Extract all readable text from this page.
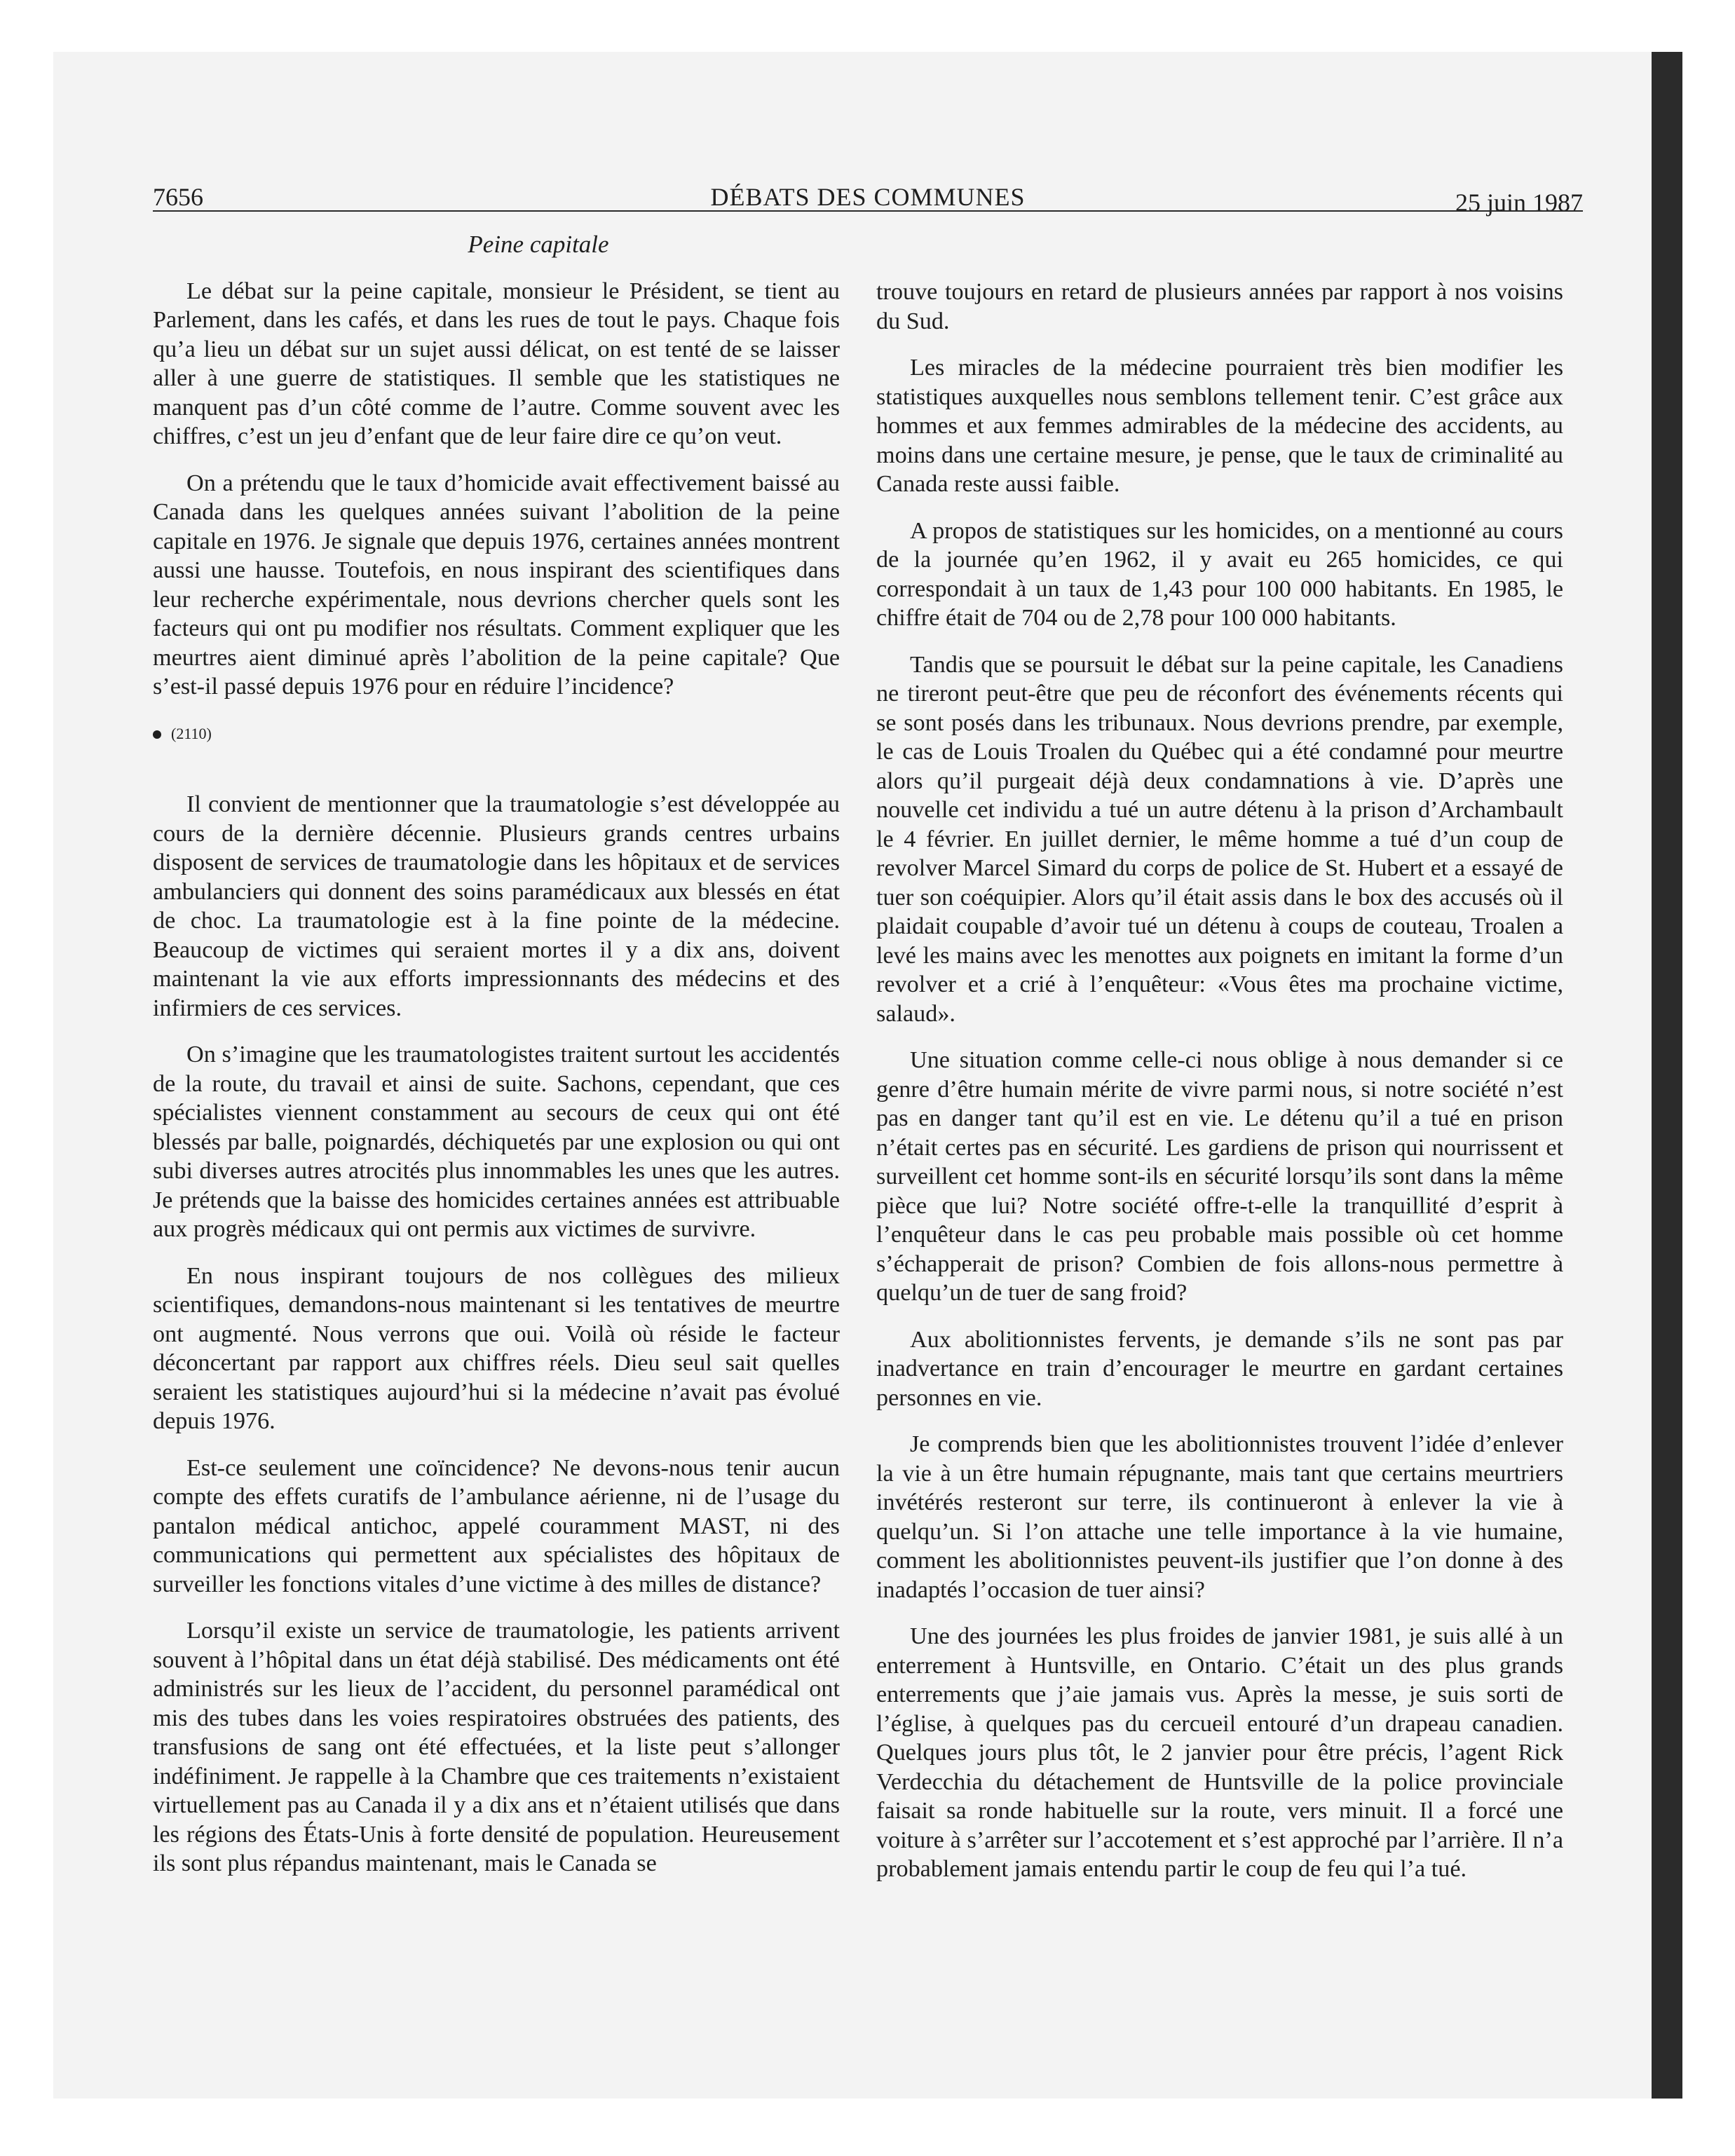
7656	DÉBATS DES COMMUNES	25 juin 1987
Peine capitale

Le débat sur la peine capitale, monsieur le Président, se tient au Parlement, dans les cafés, et dans les rues de tout le pays. Chaque fois qu’a lieu un débat sur un sujet aussi délicat, on est tenté de se laisser aller à une guerre de statistiques. Il semble que les statistiques ne manquent pas d’un côté comme de l’autre. Comme souvent avec les chiffres, c’est un jeu d’enfant que de leur faire dire ce qu’on veut.

On a prétendu que le taux d’homicide avait effectivement baissé au Canada dans les quelques années suivant l’abolition de la peine capitale en 1976. Je signale que depuis 1976, certaines années montrent aussi une hausse. Toutefois, en nous inspirant des scientifiques dans leur recherche expérimentale, nous devrions chercher quels sont les facteurs qui ont pu modifier nos résultats. Comment expliquer que les meurtres aient diminué après l’abolition de la peine capitale? Que s’est-il passé depuis 1976 pour en réduire l’incidence?

(2110)

Il convient de mentionner que la traumatologie s’est développée au cours de la dernière décennie. Plusieurs grands centres urbains disposent de services de traumatologie dans les hôpitaux et de services ambulanciers qui donnent des soins paramédicaux aux blessés en état de choc. La traumatologie est à la fine pointe de la médecine. Beaucoup de victimes qui seraient mortes il y a dix ans, doivent maintenant la vie aux efforts impressionnants des médecins et des infirmiers de ces services.

On s’imagine que les traumatologistes traitent surtout les accidentés de la route, du travail et ainsi de suite. Sachons, cependant, que ces spécialistes viennent constamment au secours de ceux qui ont été blessés par balle, poignardés, déchiquetés par une explosion ou qui ont subi diverses autres atrocités plus innommables les unes que les autres. Je prétends que la baisse des homicides certaines années est attribuable aux progrès médicaux qui ont permis aux victimes de survivre.

En nous inspirant toujours de nos collègues des milieux scientifiques, demandons-nous maintenant si les tentatives de meurtre ont augmenté. Nous verrons que oui. Voilà où réside le facteur déconcertant par rapport aux chiffres réels. Dieu seul sait quelles seraient les statistiques aujourd’hui si la médecine n’avait pas évolué depuis 1976.

Est-ce seulement une coïncidence? Ne devons-nous tenir aucun compte des effets curatifs de l’ambulance aérienne, ni de l’usage du pantalon médical antichoc, appelé couramment MAST, ni des communications qui permettent aux spécialistes des hôpitaux de surveiller les fonctions vitales d’une victime à des milles de distance?

Lorsqu’il existe un service de traumatologie, les patients arrivent souvent à l’hôpital dans un état déjà stabilisé. Des médicaments ont été administrés sur les lieux de l’accident, du personnel paramédical ont mis des tubes dans les voies respiratoires obstruées des patients, des transfusions de sang ont été effectuées, et la liste peut s’allonger indéfiniment. Je rappelle à la Chambre que ces traitements n’existaient virtuellement pas au Canada il y a dix ans et n’étaient utilisés que dans les régions des États-Unis à forte densité de population. Heureusement ils sont plus répandus maintenant, mais le Canada se

trouve toujours en retard de plusieurs années par rapport à nos voisins du Sud.

Les miracles de la médecine pourraient très bien modifier les statistiques auxquelles nous semblons tellement tenir. C’est grâce aux hommes et aux femmes admirables de la médecine des accidents, au moins dans une certaine mesure, je pense, que le taux de criminalité au Canada reste aussi faible.

A propos de statistiques sur les homicides, on a mentionné au cours de la journée qu’en 1962, il y avait eu 265 homicides, ce qui correspondait à un taux de 1,43 pour 100 000 habitants. En 1985, le chiffre était de 704 ou de 2,78 pour 100 000 habitants.

Tandis que se poursuit le débat sur la peine capitale, les Canadiens ne tireront peut-être que peu de réconfort des événements récents qui se sont posés dans les tribunaux. Nous devrions prendre, par exemple, le cas de Louis Troalen du Québec qui a été condamné pour meurtre alors qu’il purgeait déjà deux condamnations à vie. D’après une nouvelle cet individu a tué un autre détenu à la prison d’Archambault le 4 février. En juillet dernier, le même homme a tué d’un coup de revolver Marcel Simard du corps de police de St. Hubert et a essayé de tuer son coéquipier. Alors qu’il était assis dans le box des accusés où il plaidait coupable d’avoir tué un détenu à coups de couteau, Troalen a levé les mains avec les menottes aux poignets en imitant la forme d’un revolver et a crié à l’enquêteur: «Vous êtes ma prochaine victime, salaud».

Une situation comme celle-ci nous oblige à nous demander si ce genre d’être humain mérite de vivre parmi nous, si notre société n’est pas en danger tant qu’il est en vie. Le détenu qu’il a tué en prison n’était certes pas en sécurité. Les gardiens de prison qui nourrissent et surveillent cet homme sont-ils en sécurité lorsqu’ils sont dans la même pièce que lui? Notre société offre-t-elle la tranquillité d’esprit à l’enquêteur dans le cas peu probable mais possible où cet homme s’échapperait de prison? Combien de fois allons-nous permettre à quelqu’un de tuer de sang froid?

Aux abolitionnistes fervents, je demande s’ils ne sont pas par inadvertance en train d’encourager le meurtre en gardant certaines personnes en vie.

Je comprends bien que les abolitionnistes trouvent l’idée d’enlever la vie à un être humain répugnante, mais tant que certains meurtriers invétérés resteront sur terre, ils continueront à enlever la vie à quelqu’un. Si l’on attache une telle importance à la vie humaine, comment les abolitionnistes peuvent-ils justifier que l’on donne à des inadaptés l’occasion de tuer ainsi?

Une des journées les plus froides de janvier 1981, je suis allé à un enterrement à Huntsville, en Ontario. C’était un des plus grands enterrements que j’aie jamais vus. Après la messe, je suis sorti de l’église, à quelques pas du cercueil entouré d’un drapeau canadien. Quelques jours plus tôt, le 2 janvier pour être précis, l’agent Rick Verdecchia du détachement de Huntsville de la police provinciale faisait sa ronde habituelle sur la route, vers minuit. Il a forcé une voiture à s’arrêter sur l’accotement et s’est approché par l’arrière. Il n’a probablement jamais entendu partir le coup de feu qui l’a tué.
